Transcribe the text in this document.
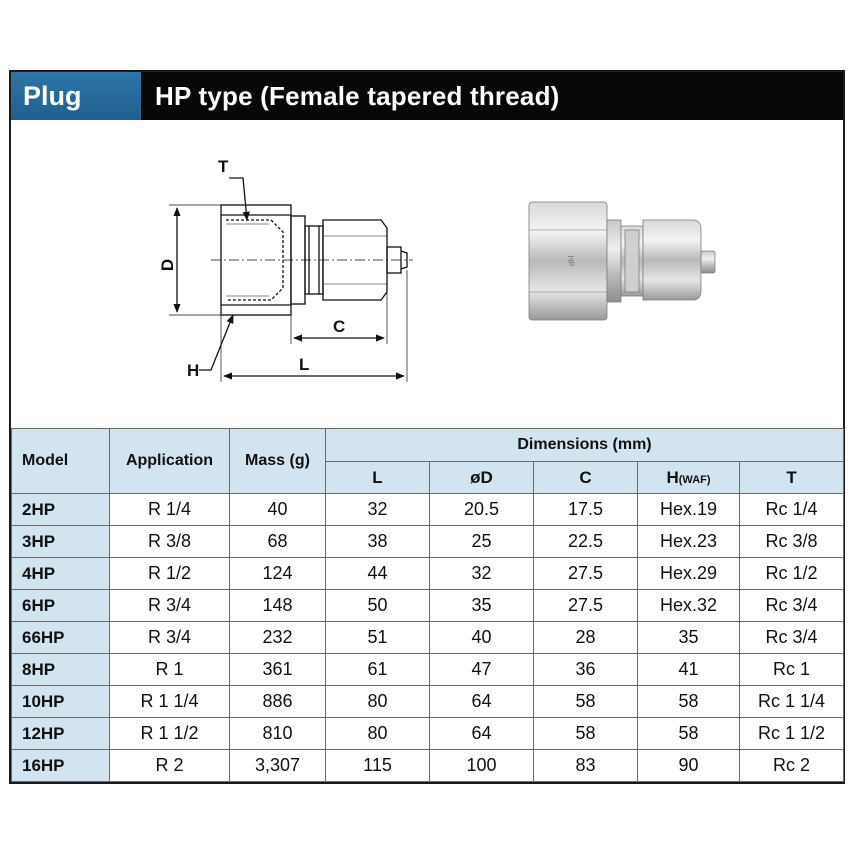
Plug	HP type (Female tapered thread)
T
D
C
H	L
HP
Model	Application	Mass (g)	Dimensions (mm)				
			L	øD	C	H(WAF)	T
2HP	R 1/4	40	32	20.5	17.5	Hex.19	Rc 1/4
3HP	R 3/8	68	38	25	22.5	Hex.23	Rc 3/8
4HP	R 1/2	124	44	32	27.5	Hex.29	Rc 1/2
6HP	R 3/4	148	50	35	27.5	Hex.32	Rc 3/4
66HP	R 3/4	232	51	40	28	35	Rc 3/4
8HP	R 1	361	61	47	36	41	Rc 1
10HP	R 1 1/4	886	80	64	58	58	Rc 1 1/4
12HP	R 1 1/2	810	80	64	58	58	Rc 1 1/2
16HP	R 2	3,307	115	100	83	90	Rc 2
